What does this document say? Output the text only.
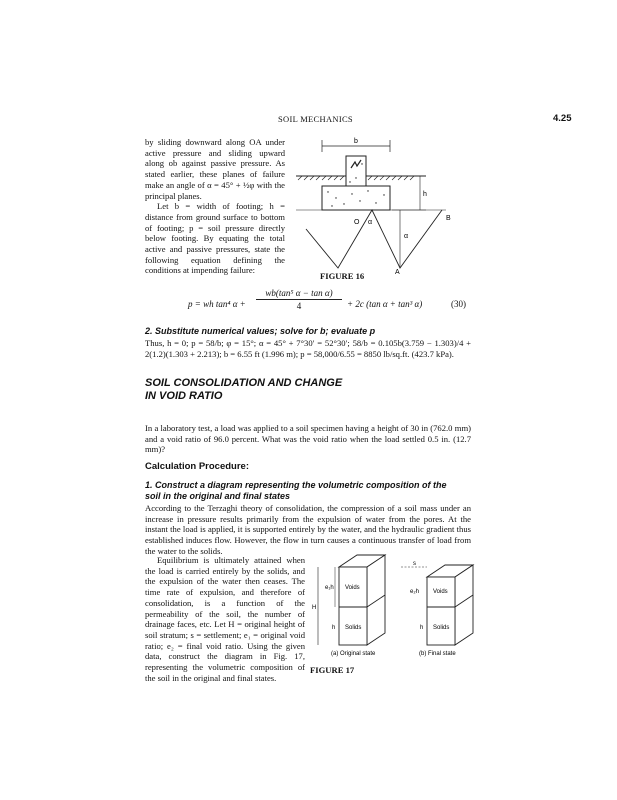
SOIL MECHANICS	4.25
by sliding downward along OA under active pressure and sliding upward along ob against passive pressure. As stated earlier, these planes of failure make an angle of α = 45° + ½φ with the principal planes.
Let b = width of footing; h = distance from ground surface to bottom of footing; p = soil pressure directly below footing. By equating the total active and passive pressures, state the following equation defining the conditions at impending failure:
b
h
O α
α
B
A
FIGURE 16
p = wh tan⁴ $\alpha + \frac{\text{wb(tan⁵ α − tan α)}}{4} + 2c$ (tan α + tan³ α)	(30)
2. Substitute numerical values; solve for b; evaluate p
Thus, h = 0; p = 58/b; φ = 15°; α = 45° + 7°30′ = 52°30′; 58/b = 0.105b(3.759 − 1.303)/4 + 2(1.2)(1.303 + 2.213); b = 6.55 ft (1.996 m); p = 58,000/6.55 = 8850 lb/sq.ft. (423.7 kPa).
SOIL CONSOLIDATION AND CHANGE
IN VOID RATIO
In a laboratory test, a load was applied to a soil specimen having a height of 30 in (762.0 mm) and a void ratio of 96.0 percent. What was the void ratio when the load settled 0.5 in. (12.7 mm)?
Calculation Procedure:
1. Construct a diagram representing the volumetric composition of the
soil in the original and final states
According to the Terzaghi theory of consolidation, the compression of a soil mass under an increase in pressure results primarily from the expulsion of water from the pores. At the instant the load is applied, it is supported entirely by the water, and the hydraulic gradient thus established induces flow. However, the flow in turn causes a continuous transfer of load from the water to the solids.
Equilibrium is ultimately attained when the load is carried entirely by the solids, and the expulsion of the water then ceases. The time rate of expulsion, and therefore of consolidation, is a function of the permeability of the soil, the number of drainage faces, etc. Let H = original height of soil stratum; s = settlement; e₁ = original void ratio; e₂ = final void ratio. Using the given data, construct the diagram in Fig. 17, representing the volumetric composition of the soil in the original and final states.
Voids
Solids
e₁h
h
H
s
Voids
Solids
e₂h
h
(a) Original state	(b) Final state
FIGURE 17
